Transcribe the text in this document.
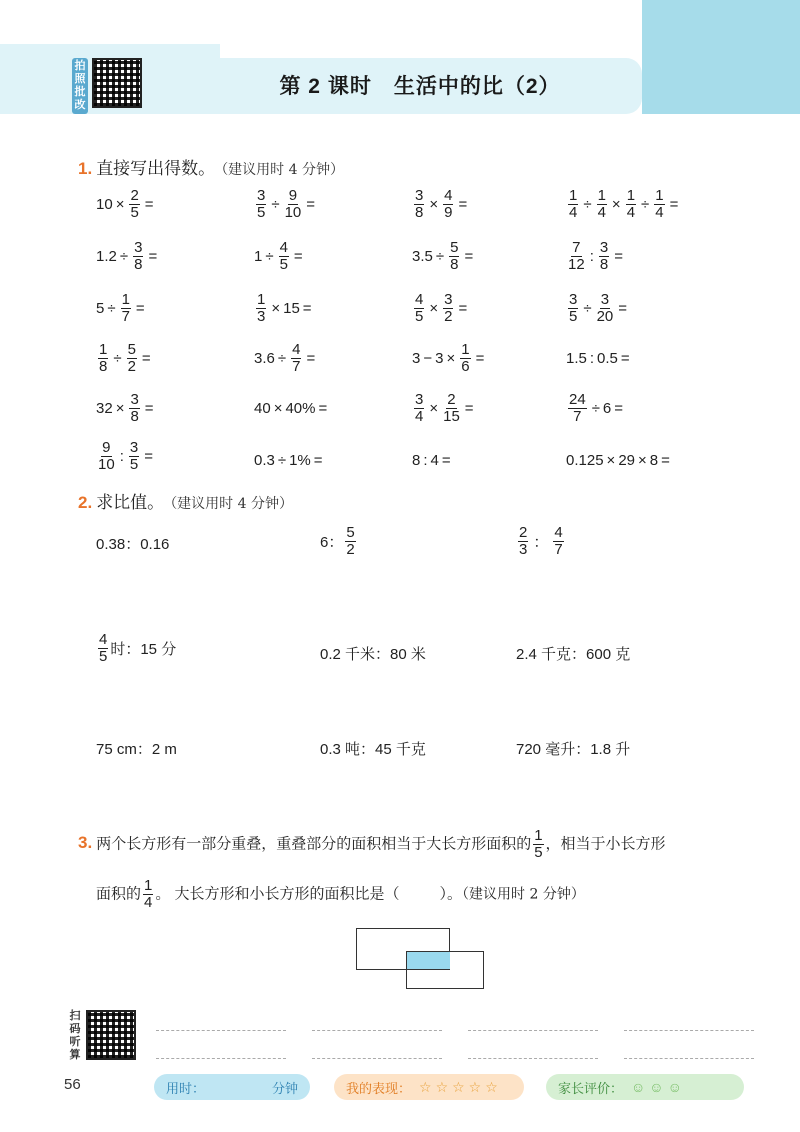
拍照批改
第 2 课时 生活中的比（2）
1. 直接写出得数。 （建议用时 4 分钟）
$10 \times \frac{2}{5}$ =	$\frac{3}{5} \div \frac{9}{10}$ =	$\frac{3}{8} \times \frac{4}{9}$ =	$\frac{1}{4} \div \frac{1}{4} \times \frac{1}{4} \div \frac{1}{4}$ =
$1.2 \div \frac{3}{8}$ =	$1 \div \frac{4}{5}$ =	$3.5 \div \frac{5}{8}$ =	$\frac{7}{12}$ : $\frac{3}{8}$ =
$5 \div \frac{1}{7}$ =	$\frac{1}{3} \times 15$ =	$\frac{4}{5} \times \frac{3}{2}$ =	$\frac{3}{5} \div \frac{3}{20}$ =
$\frac{1}{8} \div \frac{5}{2}$ =	$3.6 \div \frac{4}{7}$ =	$3 - 3 \times \frac{1}{6}$ =	1.5 : 0.5 =
$32 \times \frac{3}{8}$ =	40 × 40% =	$\frac{3}{4} \times \frac{2}{15}$ =	$\frac{24}{7} \div 6$ =
$\frac{9}{10}$ : $\frac{3}{5}$ =	0.3 ÷ 1% =	8 : 4 =	0.125 × 29 × 8 =
2. 求比值。 （建议用时 4 分钟）
0.38：0.16	6： $\frac{5}{2}$	$\frac{2}{3}$ ： $\frac{4}{7}$
$\frac{4}{5}$ 时：15 分	0.2 千米：80 米	2.4 千克：600 克
75 cm：2 m	0.3 吨：45 千克	720 毫升：1.8 升
3. 两个长方形有一部分重叠，重叠部分的面积相当于大长方形面积的 $\frac{1}{5}$ ，相当于小长方形
面积的 $\frac{1}{4}$ 。 大长方形和小长方形的面积比是（	）。（建议用时 2 分钟）
扫码听算
56	用时：	分钟	我的表现： ☆☆☆☆☆	家长评价： ☺☺☺
